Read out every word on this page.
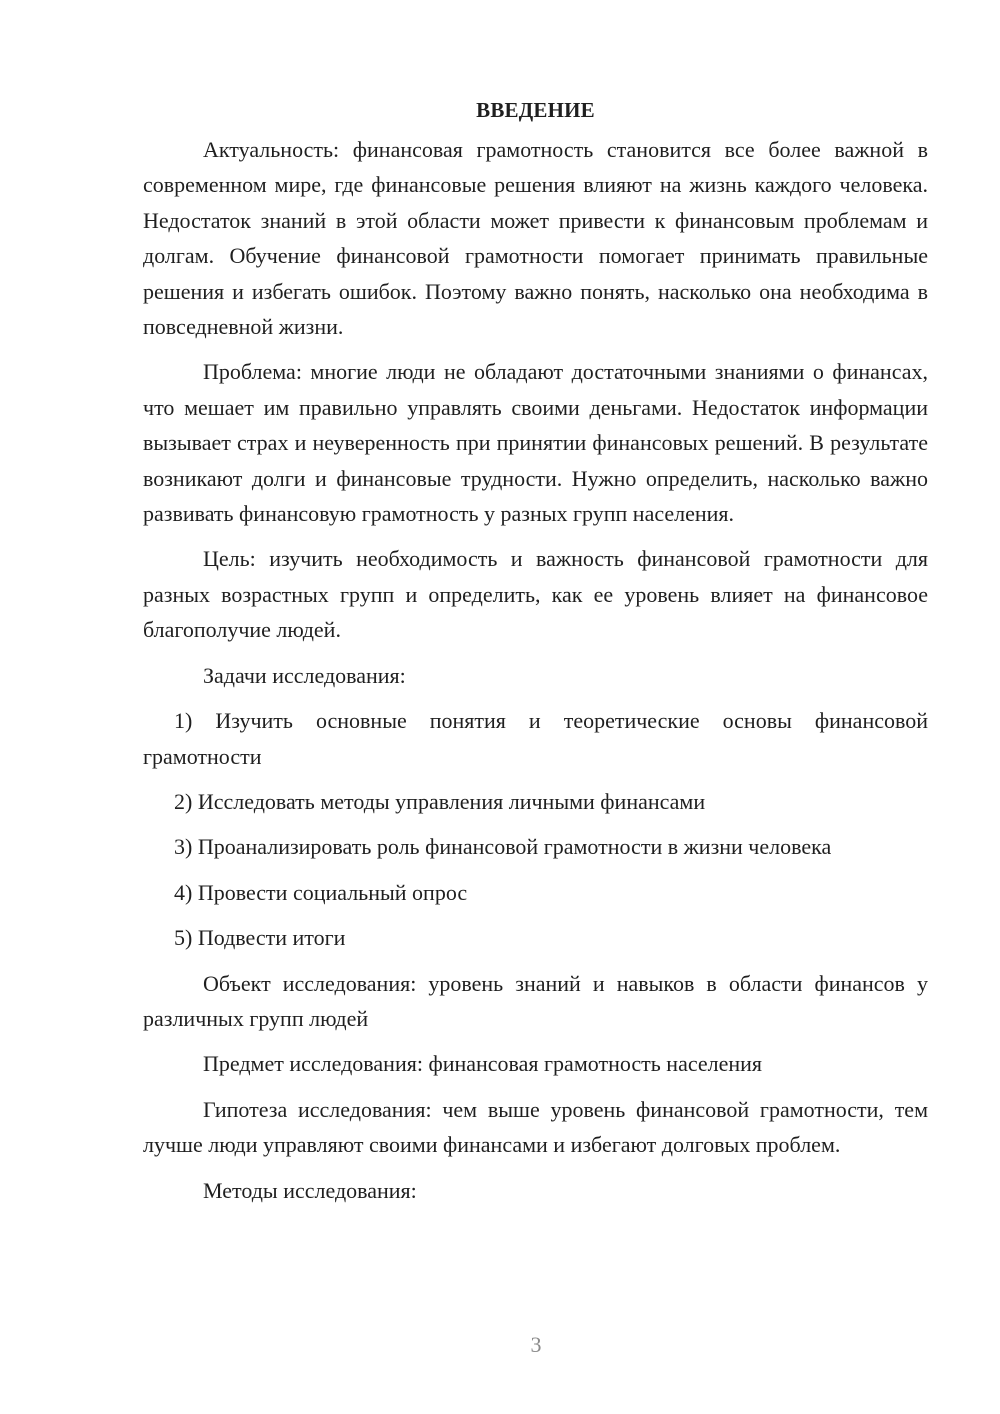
ВВЕДЕНИЕ

Актуальность: финансовая грамотность становится все более важной в современном мире, где финансовые решения влияют на жизнь каждого человека. Недостаток знаний в этой области может привести к финансовым проблемам и долгам. Обучение финансовой грамотности помогает принимать правильные решения и избегать ошибок. Поэтому важно понять, насколько она необходима в повседневной жизни.

Проблема: многие люди не обладают достаточными знаниями о финансах, что мешает им правильно управлять своими деньгами. Недостаток информации вызывает страх и неуверенность при принятии финансовых решений. В результате возникают долги и финансовые трудности. Нужно определить, насколько важно развивать финансовую грамотность у разных групп населения.

Цель: изучить необходимость и важность финансовой грамотности для разных возрастных групп и определить, как ее уровень влияет на финансовое благополучие людей.

Задачи исследования:

1) Изучить основные понятия и теоретические основы финансовой грамотности

2) Исследовать методы управления личными финансами

3) Проанализировать роль финансовой грамотности в жизни человека

4) Провести социальный опрос

5) Подвести итоги

Объект исследования: уровень знаний и навыков в области финансов у различных групп людей

Предмет исследования: финансовая грамотность населения

Гипотеза исследования: чем выше уровень финансовой грамотности, тем лучше люди управляют своими финансами и избегают долговых проблем.

Методы исследования:

3
